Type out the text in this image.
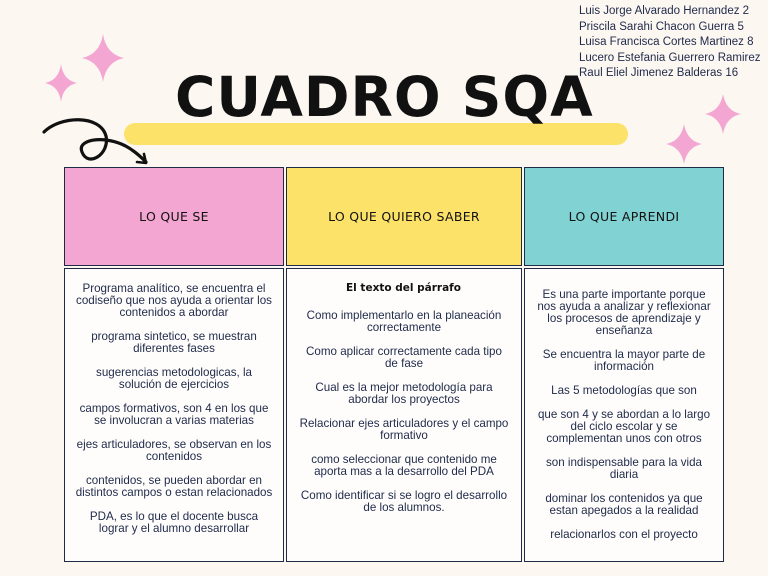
Luis Jorge Alvarado Hernandez 2
Priscila Sarahi Chacon Guerra 5
Luisa Francisca Cortes Martinez 8
Lucero Estefania Guerrero Ramirez
Raul Eliel Jimenez Balderas 16
CUADRO SQA
LO QUE SE	LO QUE QUIERO SABER	LO QUE APRENDI

Programa analítico, se encuentra el codiseño que nos ayuda a orientar los contenidos a abordar

programa sintetico, se muestran diferentes fases

sugerencias metodologicas, la solución de ejercicios

campos formativos, son 4 en los que se involucran a varias materias

ejes articuladores, se observan en los contenidos

contenidos, se pueden abordar en distintos campos o estan relacionados

PDA, es lo que el docente busca lograr y el alumno desarrollar

El texto del párrafo

Como implementarlo en la planeación correctamente

Como aplicar correctamente cada tipo de fase

Cual es la mejor metodología para abordar los proyectos

Relacionar ejes articuladores y el campo formativo

como seleccionar que contenido me aporta mas a la desarrollo del PDA

Como identificar si se logro el desarrollo de los alumnos.

Es una parte importante porque nos ayuda a analizar y reflexionar los procesos de aprendizaje y enseñanza

Se encuentra la mayor parte de información

Las 5 metodologías que son

que son 4 y se abordan a lo largo del ciclo escolar y se complementan unos con otros

son indispensable para la vida diaria

dominar los contenidos ya que estan apegados a la realidad

relacionarlos con el proyecto
